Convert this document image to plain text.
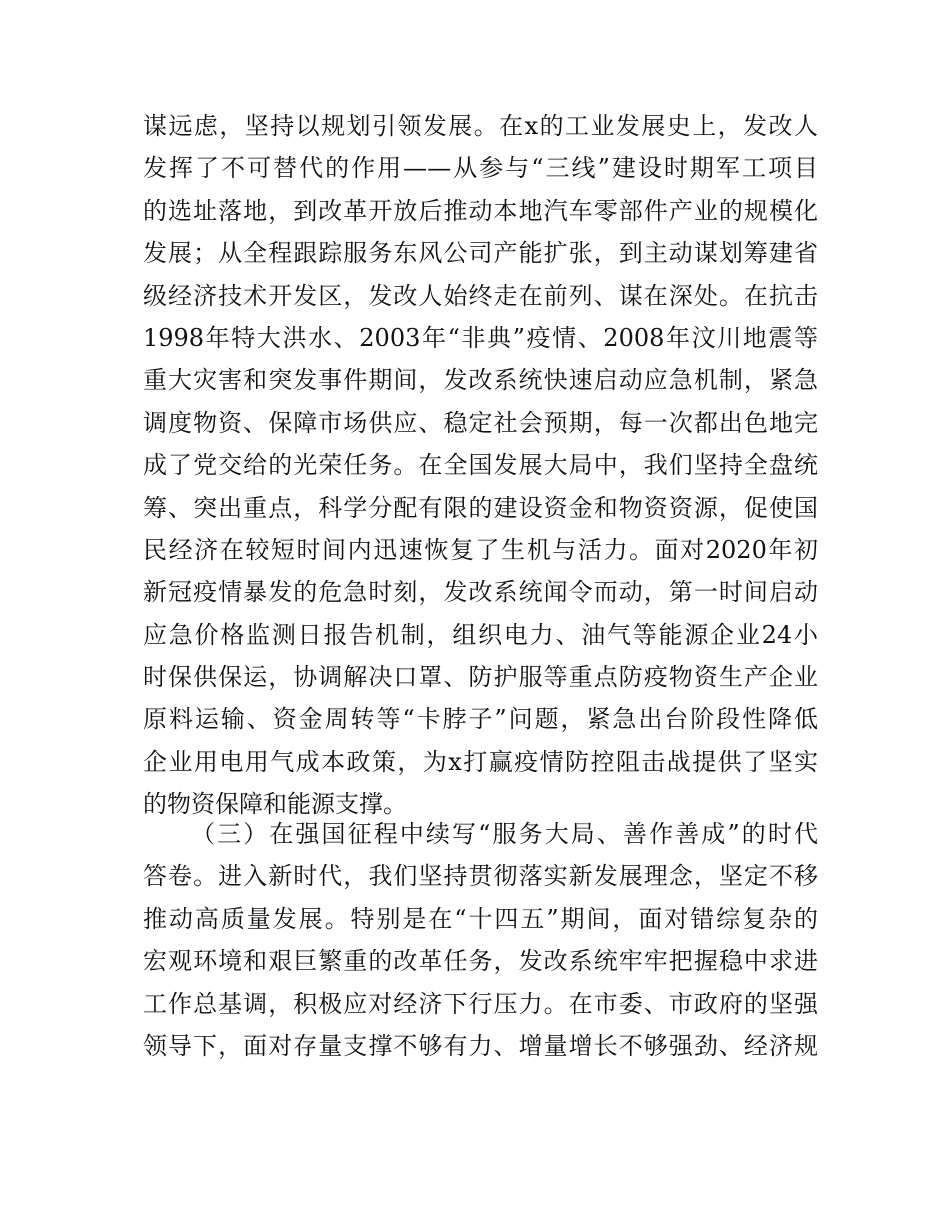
谋远虑，坚持以规划引领发展。在x的工业发展史上，发改人
发挥了不可替代的作用——从参与“三线”建设时期军工项目
的选址落地，到改革开放后推动本地汽车零部件产业的规模化
发展；从全程跟踪服务东风公司产能扩张，到主动谋划筹建省
级经济技术开发区，发改人始终走在前列、谋在深处。在抗击
1998年特大洪水、2003年“非典”疫情、2008年汶川地震等
重大灾害和突发事件期间，发改系统快速启动应急机制，紧急
调度物资、保障市场供应、稳定社会预期，每一次都出色地完
成了党交给的光荣任务。在全国发展大局中，我们坚持全盘统
筹、突出重点，科学分配有限的建设资金和物资资源，促使国
民经济在较短时间内迅速恢复了生机与活力。面对2020年初
新冠疫情暴发的危急时刻，发改系统闻令而动，第一时间启动
应急价格监测日报告机制，组织电力、油气等能源企业24小
时保供保运，协调解决口罩、防护服等重点防疫物资生产企业
原料运输、资金周转等“卡脖子”问题，紧急出台阶段性降低
企业用电用气成本政策，为x打赢疫情防控阻击战提供了坚实
的物资保障和能源支撑。
（三）在强国征程中续写“服务大局、善作善成”的时代
答卷。进入新时代，我们坚持贯彻落实新发展理念，坚定不移
推动高质量发展。特别是在“十四五”期间，面对错综复杂的
宏观环境和艰巨繁重的改革任务，发改系统牢牢把握稳中求进
工作总基调，积极应对经济下行压力。在市委、市政府的坚强
领导下，面对存量支撑不够有力、增量增长不够强劲、经济规
